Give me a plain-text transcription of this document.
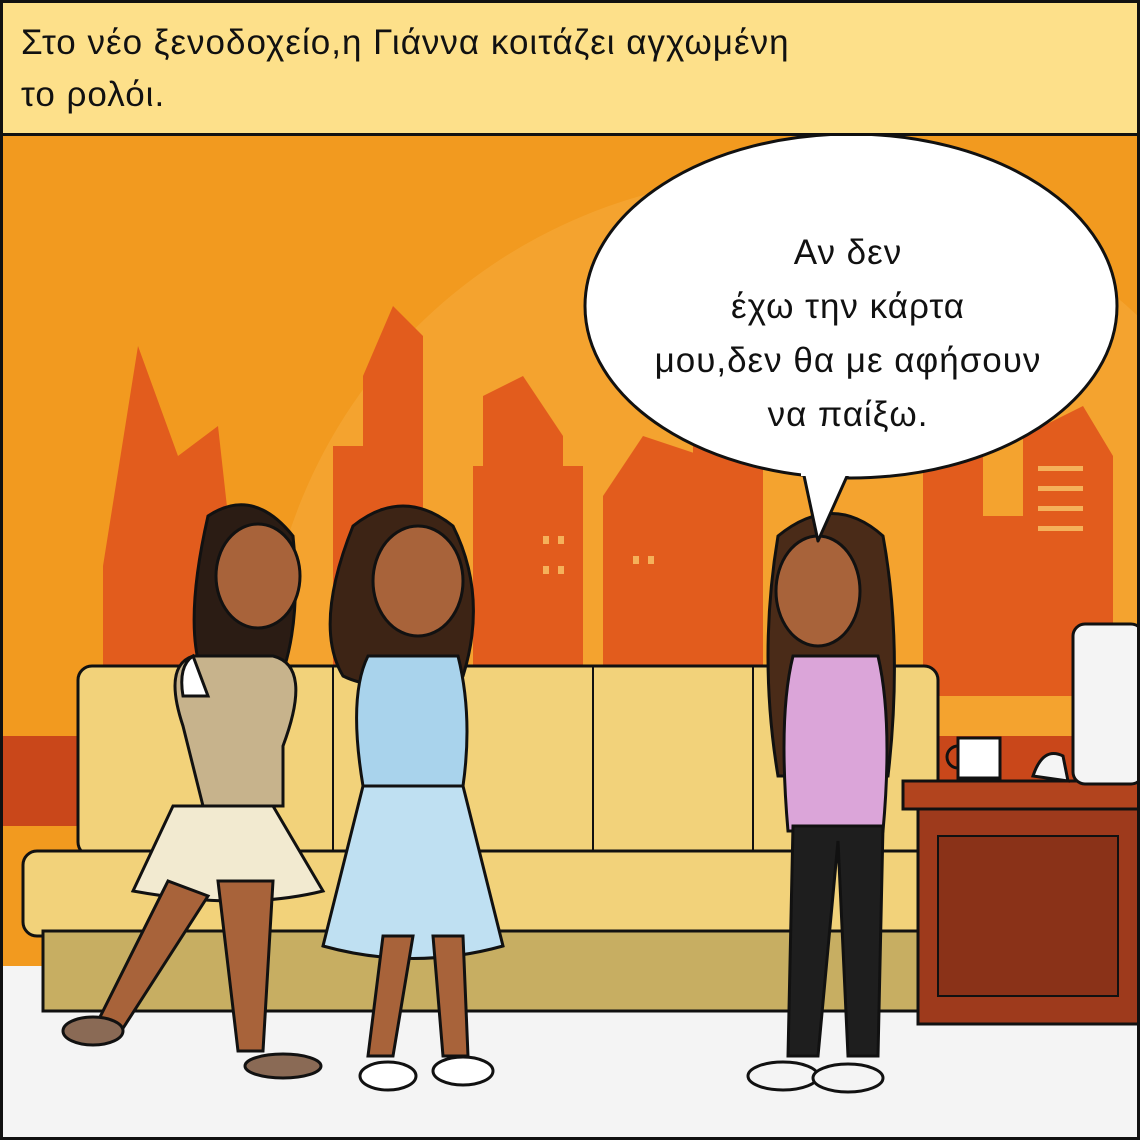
Στο νέο ξενοδοχείο,η Γιάννα κοιτάζει αγχωμένη

το ρολόι.

Αν δεν

έχω την κάρτα

μου,δεν θα με αφήσουν

να παίξω.
